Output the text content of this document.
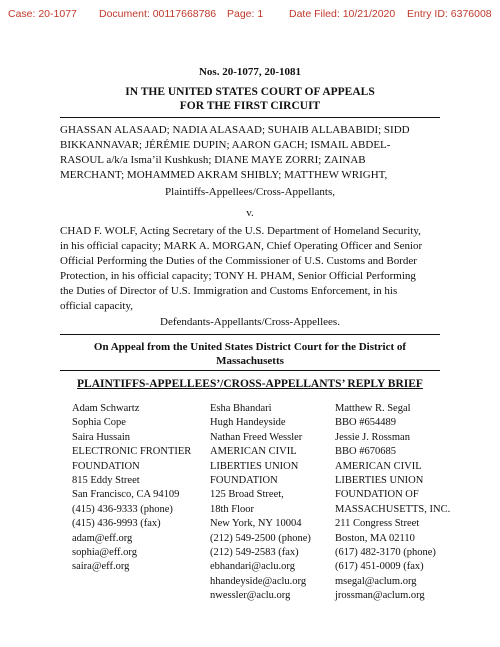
Case: 20-1077 Document: 00117668786 Page: 1 Date Filed: 10/21/2020 Entry ID: 6376008
Nos. 20-1077, 20-1081
IN THE UNITED STATES COURT OF APPEALS
FOR THE FIRST CIRCUIT
GHASSAN ALASAAD; NADIA ALASAAD; SUHAIB ALLABABIDI; SIDD
BIKKANNAVAR; JÉRÉMIE DUPIN; AARON GACH; ISMAIL ABDEL-
RASOUL a/k/a Isma’il Kushkush; DIANE MAYE ZORRI; ZAINAB
MERCHANT; MOHAMMED AKRAM SHIBLY; MATTHEW WRIGHT,
Plaintiffs-Appellees/Cross-Appellants,
v.
CHAD F. WOLF, Acting Secretary of the U.S. Department of Homeland Security,
in his official capacity; MARK A. MORGAN, Chief Operating Officer and Senior
Official Performing the Duties of the Commissioner of U.S. Customs and Border
Protection, in his official capacity; TONY H. PHAM, Senior Official Performing
the Duties of Director of U.S. Immigration and Customs Enforcement, in his
official capacity,
Defendants-Appellants/Cross-Appellees.
On Appeal from the United States District Court for the District of
Massachusetts
PLAINTIFFS-APPELLEES’/CROSS-APPELLANTS’ REPLY BRIEF
Adam Schwartz
Sophia Cope
Saira Hussain
ELECTRONIC FRONTIER
FOUNDATION
815 Eddy Street
San Francisco, CA 94109
(415) 436-9333 (phone)
(415) 436-9993 (fax)
adam@eff.org
sophia@eff.org
saira@eff.org
Esha Bhandari
Hugh Handeyside
Nathan Freed Wessler
AMERICAN CIVIL
LIBERTIES UNION
FOUNDATION
125 Broad Street,
18th Floor
New York, NY 10004
(212) 549-2500 (phone)
(212) 549-2583 (fax)
ebhandari@aclu.org
hhandeyside@aclu.org
nwessler@aclu.org
Matthew R. Segal
BBO #654489
Jessie J. Rossman
BBO #670685
AMERICAN CIVIL
LIBERTIES UNION
FOUNDATION OF
MASSACHUSETTS, INC.
211 Congress Street
Boston, MA 02110
(617) 482-3170 (phone)
(617) 451-0009 (fax)
msegal@aclum.org
jrossman@aclum.org
